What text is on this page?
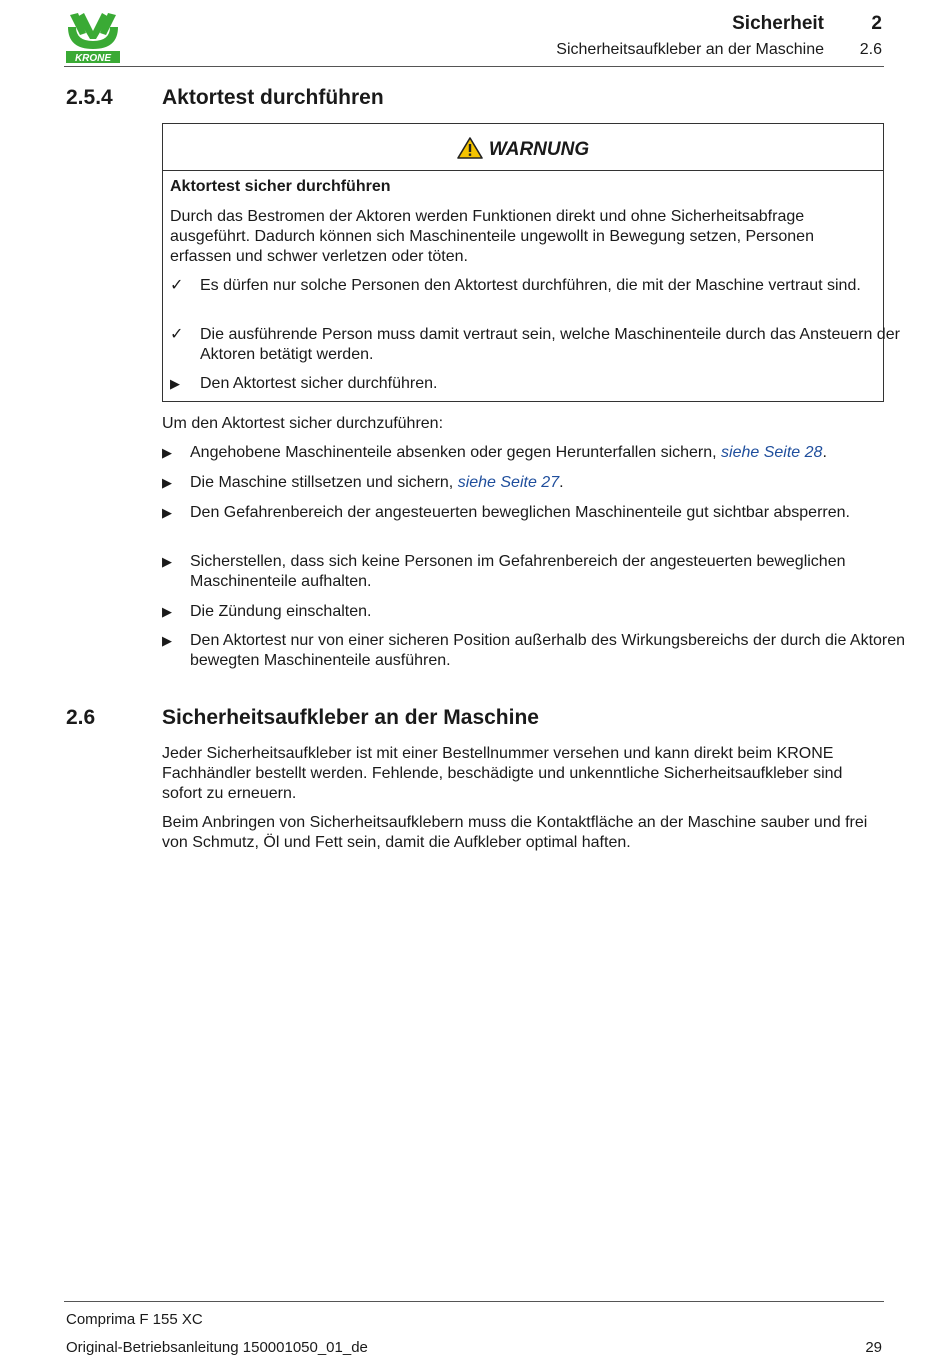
KRONE
Sicherheit 2
Sicherheitsaufkleber an der Maschine 2.6
2.5.4 Aktortest durchführen
WARNUNG
Aktortest sicher durchführen
Durch das Bestromen der Aktoren werden Funktionen direkt und ohne Sicherheitsabfrage ausgeführt. Dadurch können sich Maschinenteile ungewollt in Bewegung setzen, Personen erfassen und schwer verletzen oder töten.
✓ Es dürfen nur solche Personen den Aktortest durchführen, die mit der Maschine vertraut sind.
✓ Die ausführende Person muss damit vertraut sein, welche Maschinenteile durch das Ansteuern der Aktoren betätigt werden.
▶ Den Aktortest sicher durchführen.
Um den Aktortest sicher durchzuführen:
▶ Angehobene Maschinenteile absenken oder gegen Herunterfallen sichern, siehe Seite 28.
▶ Die Maschine stillsetzen und sichern, siehe Seite 27.
▶ Den Gefahrenbereich der angesteuerten beweglichen Maschinenteile gut sichtbar absperren.
▶ Sicherstellen, dass sich keine Personen im Gefahrenbereich der angesteuerten beweglichen Maschinenteile aufhalten.
▶ Die Zündung einschalten.
▶ Den Aktortest nur von einer sicheren Position außerhalb des Wirkungsbereichs der durch die Aktoren bewegten Maschinenteile ausführen.
2.6	Sicherheitsaufkleber an der Maschine
Jeder Sicherheitsaufkleber ist mit einer Bestellnummer versehen und kann direkt beim KRONE Fachhändler bestellt werden. Fehlende, beschädigte und unkenntliche Sicherheitsaufkleber sind sofort zu erneuern.
Beim Anbringen von Sicherheitsaufklebern muss die Kontaktfläche an der Maschine sauber und frei von Schmutz, Öl und Fett sein, damit die Aufkleber optimal haften.
Comprima F 155 XC
Original-Betriebsanleitung 150001050_01_de	29
